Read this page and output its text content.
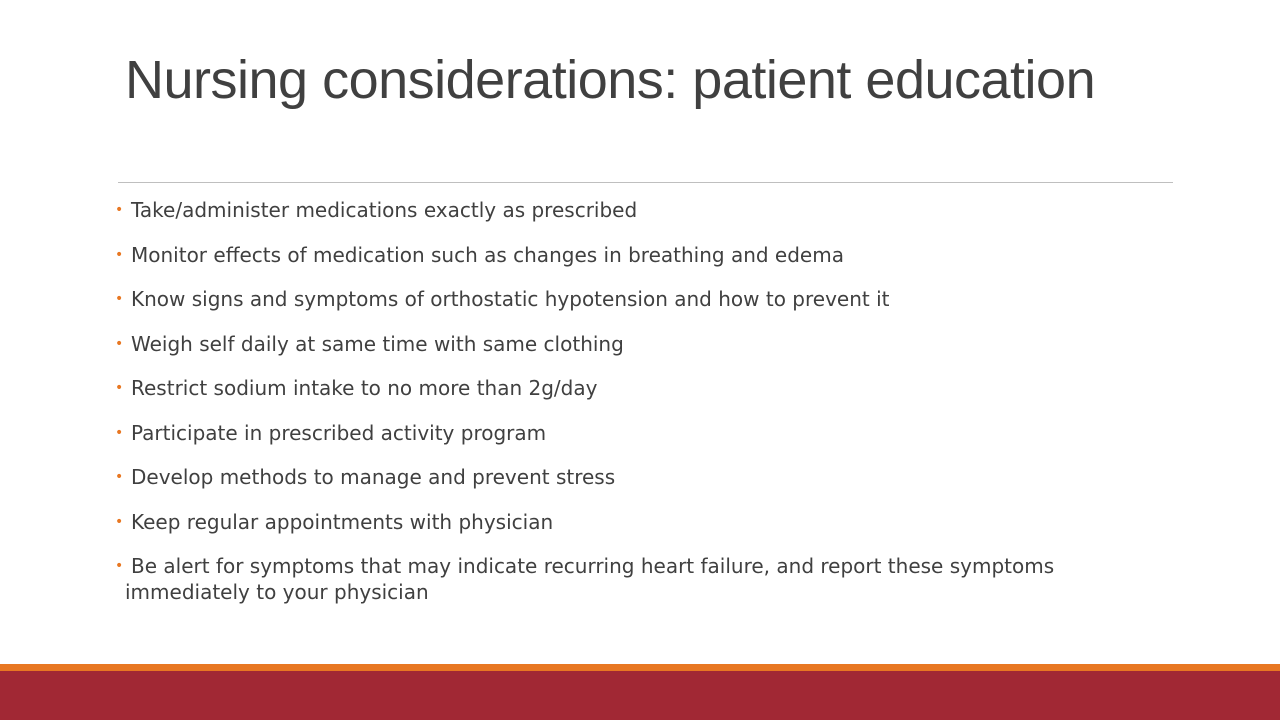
Nursing considerations: patient education
• Take/administer medications exactly as prescribed
• Monitor effects of medication such as changes in breathing and edema
• Know signs and symptoms of orthostatic hypotension and how to prevent it
• Weigh self daily at same time with same clothing
• Restrict sodium intake to no more than 2g/day
• Participate in prescribed activity program
• Develop methods to manage and prevent stress
• Keep regular appointments with physician
• Be alert for symptoms that may indicate recurring heart failure, and report these symptoms
immediately to your physician
